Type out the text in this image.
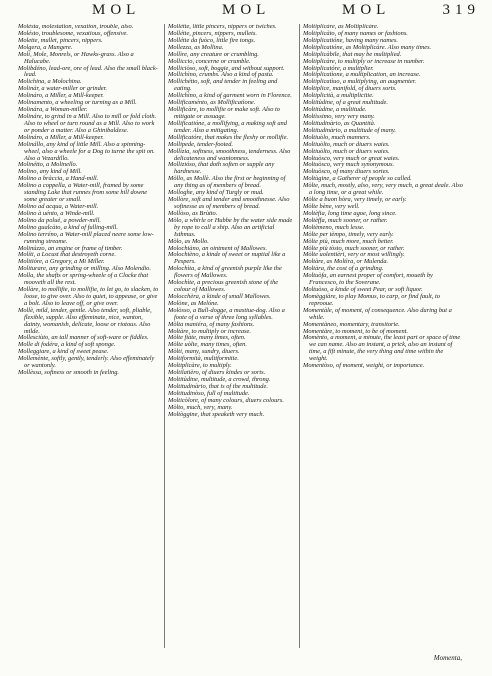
MOL	MOL	MOL	319
Molésta, molestation, vexation, trouble, also.
Molésto, troublesome, vexatious, offensive.
Molette, mullet, pincers, nippers.
Molgera, a Mungere.
Molí, Mole, Monrels, or Hawks-grass. Also a Halucabe.
Molibdéno, lead-ore, ore of lead. Also the small black-lead.
Molichina, a Molochina.
Molinár, a water-miller or grinder.
Molináro, a Miller, a Mill-keeper.
Molinamento, a wheeling or turning as a Mill.
Molinára, a Woman-miller.
Molináre, to grind in a Mill. Also to mill or fold cloth. Also to wheel or turn round as a Mill. Also to work or ponder a matter. Also a Ghinibaldese.
Molináro, a Miller, a Mill-keeper.
Molinállo, any kind of little Mill. Also a spinning-wheel, also a wheele for a Dog to turne the spit on. Also a Vezardillo.
Molinétto, a Molinello.
Molino, any kind of Mill.
Molino a bràccia, a Hand-mill.
Molino a coppella, a Water-mill, framed by some standing Lake that runnes from some hill downe some greater or small.
Molino ad acqua, a Water-mill.
Molino à uénto, a Winde-mill.
Molino da polué, a powder-mill.
Molino gualcàto, a kind of fulling-mill.
Molino terréno, a Water-mill placed neere some low-running streame.
Molinúzzo, an engine or frame of timber.
Molíti, a Locust that destroyeth corne.
Molitióre, a Gregory, a Mi Miller.
Moliturare, any grinding or milling. Also Molendio.
Molla, the shafts or spring-wheele of a Clocke that mooveth all the rest.
Mollàre, to mollifie, to mollifie, to let go, to slacken, to loose, to give over. Also to quiet, to appease, or give a bolt. Also to leave off, or give over.
Mollè, mild, tender, gentle. Also tender, soft, pliable, flexible, supple. Also effeminate, nice, wanton, dainty, womanish, delicate, loose or riotous. Also milde.
Mollesciùto, an tall manner of soft-ware or fiddles.
Molle di fodéra, a kind of soft sponge.
Molleggiare, a kind of sweet pease.
Mollemènte, softly, gently, tenderly. Also effeminately or wantonly.
Mollèssa, softness or smooth in feeling.
Mollétte, little pincers, nippers or twiches.
Mollétte, pincers, nippers, mullets.
Mollétte da fuòco, little fire tongs.
Mollezza, as Mollina.
Mollìre, any creature or crumbling.
Molliccio, concerne or crumble.
Molliciòso, soft, boggie, and without support.
Mollichìno, crumbs. Also a kind of pasta.
Mollichétto, soft, and tender in feeling and eating.
Mollichìno, a kind of garment worn in Florence.
Mollificaménto, as Mollificatìone.
Mollificàre, to mollifie or make soft. Also to mitigate or assuage.
Mollificatióne, a mollifying, a making soft and tender. Also a mitigating.
Mollificatóre, that makes the fleshy or mollifie.
Mollipede, tender-footed.
Mollìzia, softness, smoothness, tenderness. Also delicateness and wantonness.
Mollizióso, that doth soften or supple any hardnesse.
Mòllo, as Mollè. Also the first or beginning of any thing as of members of bread.
Molloghe, any kind of Turgly or mud.
Mollòre, soft and tender and smoothnesse. Also softnesse as of members of bread.
Mollòso, as Brùtto.
Mòlo, a whirle or Hubbe by the water side made by rope to call a ship. Also an artificial Isthmus.
Mòlo, as Mollo.
Molochiàno, an ointment of Mallowes.
Molochièno, a kinde of sweet or nuptial like a Pespers.
Molochìta, a kind of greenish purple like the flowers of Mallowes.
Molochìte, a precious greenish stone of the colour of Mallowes.
Molocchèra, a kinde of small Mallowes.
Molòne, as Melóne.
Molòsso, a Bull-dogge, a mastiue-dog. Also a foote of a verse of three long syllables.
Mòlta maniéra, of many fashions.
Moltàre, to multiply or increase.
Mòlte fiàte, many times, often.
Mòlte uòlte, many times, often.
Mòlti, many, sundry, diuers.
Moltiformità, multiformitie.
Moltiplicàre, to multiply.
Moltilatièro, of diuers kindes or sorts.
Moltitùdine, multitude, a crowd, throng.
Moltitudinàrio, that is of the multitude.
Moltitudinòso, full of multitude.
Molticòlore, of many colours, diuers colours.
Mòlto, much, very, many.
Moltòggine, that speaketh very much.
Moltiplicàre, as Moltiplicàre.
Moltiplicàto, of many names or fashions.
Moltiplicatióne, having many names.
Moltiplicatióne, as Moltiplicàre. Also many times.
Moltiplicàbile, that may be multiplied.
Moltiplicàre, to multiply or increase in number.
Moltiplicatóre, a multiplier.
Moltiplicatìone, a multiplication, an increase.
Moltiplicatìuo, a multiplying, an augmenter.
Moltiplice, manifold, of diuers sorts.
Moltiplicità, a multiplicitie.
Moltitùdine, of a great multitude.
Moltitùdine, a multitude.
Moltìssimo, very very many.
Moltitudinàrio, as Quantità.
Moltitudinàrio, a multitude of many.
Moltiuòlo, much manners.
Moltiuòlto, much or diuers waies.
Moltiuòlto, much or diuers waies.
Moltuòsco, very much or great waies.
Moltuòsco, very much synonymous.
Moltuòsco, of many diuers sortes.
Moltùgine, a Gatherer of people so called.
Mòlte, much, mostly, also, very, very much, a great deale. Also a long time, or a great while.
Mòlte a buon hòra, very timely, or early.
Mòlte bène, very well.
Moltèfia, long time agoe, long since.
Moltèffa, much sooner, or rather.
Moltèmeno, much lesse.
Mòlte per tèmpo, timely, very early.
Mòlte più, much more, much better.
Mòlte più tòsto, much sooner, or rather.
Mòlte uolentièri, very or most willingly.
Moltàre, as Moltìra, or Mulenda.
Moltàra, the cost of a grinding.
Moltuòfa, an earnest proper of comfort, moueth by Francesco, to the Soverane.
Moltuòso, a kinde of sweet Pear, or soft liquor.
Momèggiàre, to play Momus, to carp, or find fault, to reprooue.
Momentàle, of moment, of consequence. Also during but a while.
Momentàneo, momentary, transitorie.
Momentàre, to moment, to be of moment.
Momènto, a moment, a minute, the least part or space of time we can name. Also an instant, a prick, also an instant of time, a fift minute, the very thing and time within the weight.
Momentòso, of moment, weight, or importance.
Momenta,
